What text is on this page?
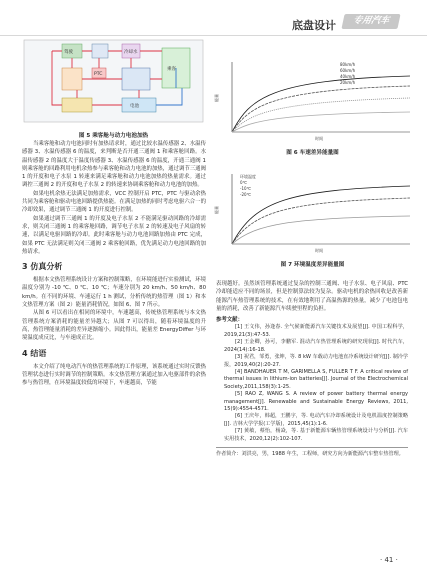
底盘设计	专用汽车
驾驶	冷却水
PTC
乘客
电池
图 5 乘客舱与动力电池加热
80km/h
60km/h
40km/h
20km/h
能量
时间
图 6 车速差异能量图
环境温度
0℃
-10℃
-20℃
能量
时间
图 7 环境温度差异能量图

当乘客舱和动力电池同时有加热请求时，通过比较水温传感器 2、水温传感器 3、水温传感器 6 的温度，来判断是否开通三通阀 1 和乘客舱回路。水温传感器 2 的温度大于温度传感器 3、水温传感器 6 的温度，开通三通阀 1 则乘客舱的回路利用电机余热参与乘客舱和动力电池的加热，通过调节三通阀 1 的开度和电子水泵 1 转速来满足乘客舱和动力电池加热的热量需求。通过调控三通阀 2 的开度和电子水泵 2 的转速来协调乘客舱和动力电池的加热。

如果电机余热无法满足加热需求，VCC 控制开启 PTC，PTC 与驱动余热共同为乘客舱和驱动电池回路提供热能。在满足加热的同时考虑电驱六合一的冷却效果，通过调节三通阀 1 的开度进行控制。

如果通过调节三通阀 1 的开度及电子水泵 2 不能满足驱动回路的冷却需求，则关闭三通阀 1 的乘客舱回路，调节电子水泵 2 的转速及电子风扇的转速，以满足电驱回路的冷却。此时乘客舱与动力电池回路加热由 PTC 完成，如果 PTC 无法满足则关闭三通阀 2 乘客舱回路，优先满足动力电池回路的加热请求。

3 仿真分析

根据本文热管理系统设计方案和控制策略，在环境能进行实验测试，环境温度分别为 -10 ℃、0 ℃、10 ℃；车速分别为 20 km/h、50 km/h、80 km/h。在不同的环境、车速运行 1 h 测试，分析传统的热管理（图 1）和本文热管理方案（图 2）能量消耗情况，如图 6、图 7 所示。

从图 6 可以看出在相同的环境中，车速越高，传统热管理系统与本文热管理系统方案消耗的能量差异越大；从图 7 可以得出，随着环境温度的升高，热管理能量消耗的差异逐渐缩小。因此得出，能量差 EnergyDiffer 与环境温度成反比，与车速成正比。

4 结语

本文介绍了纯电动汽车的热管理系统的工作原理，该系统通过实时反馈热管理状态进行实时调节的控制策略。本文热管理方案通过加入电驱部件的余热参与热管理，在环境温度较低的环境下，车速越高，节能

表现越好。虽然该管理系统通过复杂的控制三通阀、电子水泵、电子风扇、PTC 冷却能适应不同的场景，但是控制算法较为复杂。驱动电机的余热回收是改善新能源汽车热管理系统的技术，在有效地利用了高温热源的热量，减少了电池包电量的消耗，改善了新能源汽车续驶里程的负担。

参考文献：

[1] 王文伟，孙逢春. 全气候新能源汽车关键技术及展望[J]. 中国工程科学，2019,21(3):47-53.

[2] 王金卿，孙可，李鹏军. 混动汽车热管理系统的研究现状[J]. 时代汽车，2024(14):16-18.

[3] 祝君，邹勇，张坤，等. 8 kW 车载动力电池直冷系统设计研究[J]. 制冷学报，2019,40(2):20-27.

[4] BANDHAUER T M, GARIMELLA S, FULLER T F. A critical review of thermal issues in lithium-ion batteries[J]. Journal of the Electrochemical Society,2011,158(3):1-25.

[5] RAO Z, WANG S. A review of power battery thermal energy management[J]. Renewable and Sustainable Energy Reviews, 2011, 15(9):4554-4571.

[6] 王庆年，韩超，王鹏宇，等. 电动汽车冷却系统设计及电机温度控制策略[J]. 吉林大学学报(工学版)，2015,45(1):1-6.

[7] 黄敏，蔡怡，杨焱，等. 基于新能源车辆热管理系统设计与分析[J]. 汽车实用技术，2020,12(2):102-107.

作者简介：刘洪亮，男，1988 年生，工程师，研究方向为新能源汽车整车热管理。
· 41 ·
